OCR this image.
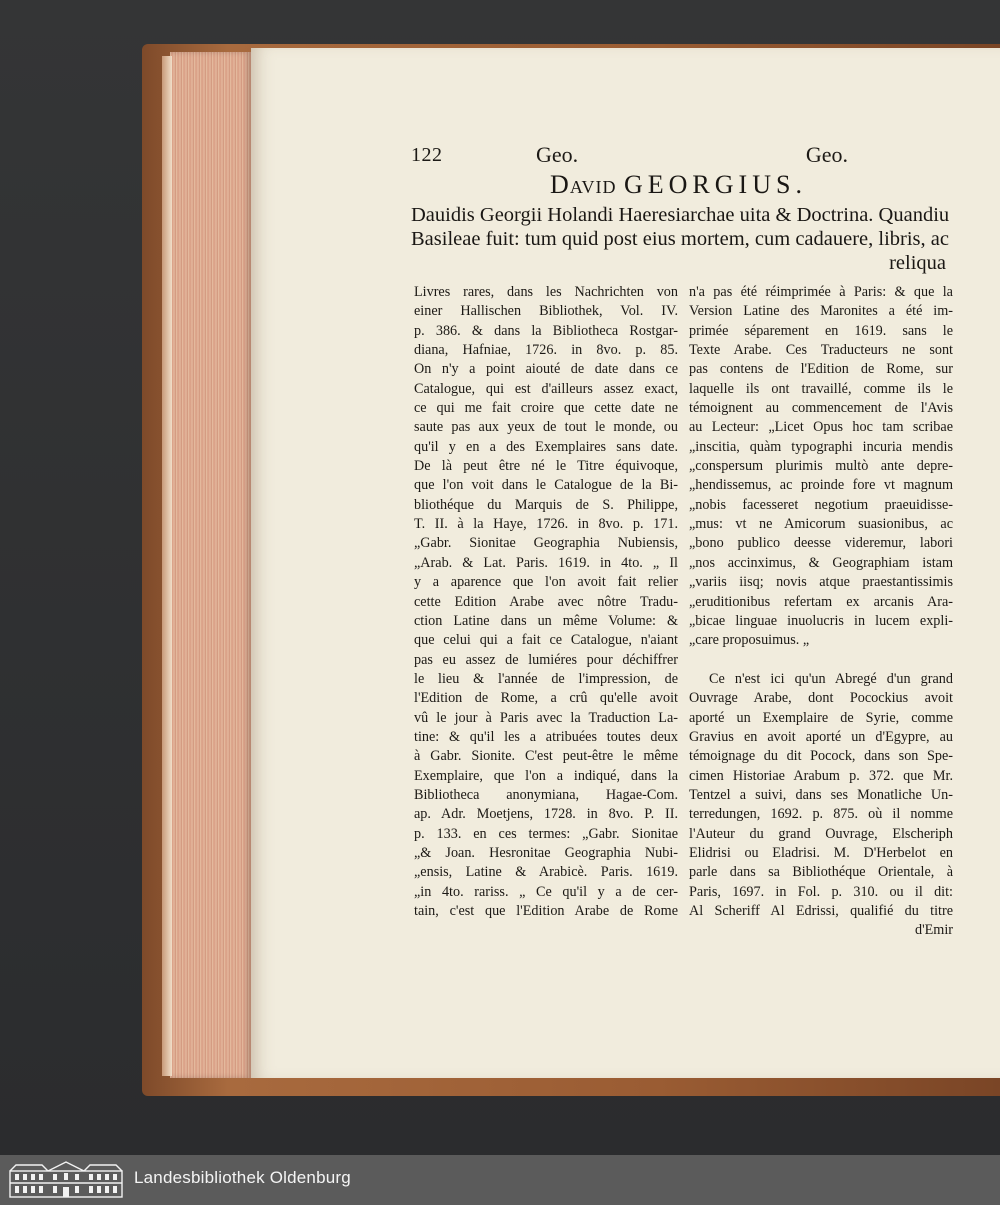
122	Geo.	Geo.
David GEORGIUS.
Dauidis Georgii Holandi Haeresiarchae uita & Doctrina. Quandiu
Basileae fuit: tum quid post eius mortem, cum cadauere, libris, ac
reliqua
Livres rares, dans les Nachrichten von
einer Hallischen Bibliothek, Vol. IV.
p. 386. & dans la Bibliotheca Rostgar-
diana, Hafniae, 1726. in 8vo. p. 85.
On n'y a point aiouté de date dans ce
Catalogue, qui est d'ailleurs assez exact,
ce qui me fait croire que cette date ne
saute pas aux yeux de tout le monde, ou
qu'il y en a des Exemplaires sans date.
De là peut être né le Titre équivoque,
que l'on voit dans le Catalogue de la Bi-
bliothéque du Marquis de S. Philippe,
T. II. à la Haye, 1726. in 8vo. p. 171.
„Gabr. Sionitae Geographia Nubiensis,
„Arab. & Lat. Paris. 1619. in 4to. „ Il
y a aparence que l'on avoit fait relier
cette Edition Arabe avec nôtre Tradu-
ction Latine dans un même Volume: &
que celui qui a fait ce Catalogue, n'aiant
pas eu assez de lumiéres pour déchiffrer
le lieu & l'année de l'impression, de
l'Edition de Rome, a crû qu'elle avoit
vû le jour à Paris avec la Traduction La-
tine: & qu'il les a atribuées toutes deux
à Gabr. Sionite. C'est peut-être le même
Exemplaire, que l'on a indiqué, dans la
Bibliotheca anonymiana, Hagae-Com.
ap. Adr. Moetjens, 1728. in 8vo. P. II.
p. 133. en ces termes: „Gabr. Sionitae
„& Joan. Hesronitae Geographia Nubi-
„ensis, Latine & Arabicè. Paris. 1619.
„in 4to. rariss. „ Ce qu'il y a de cer-
tain, c'est que l'Edition Arabe de Rome
n'a pas été réimprimée à Paris: & que la
Version Latine des Maronites a été im-
primée séparement en 1619. sans le
Texte Arabe. Ces Traducteurs ne sont
pas contens de l'Edition de Rome, sur
laquelle ils ont travaillé, comme ils le
témoignent au commencement de l'Avis
au Lecteur: „Licet Opus hoc tam scribae
„inscitia, quàm typographi incuria mendis
„conspersum plurimis multò ante depre-
„hendissemus, ac proinde fore vt magnum
„nobis facesseret negotium praeuidisse-
„mus: vt ne Amicorum suasionibus, ac
„bono publico deesse videremur, labori
„nos accinximus, & Geographiam istam
„variis iisq; novis atque praestantissimis
„eruditionibus refertam ex arcanis Ara-
„bicae linguae inuolucris in lucem expli-
„care proposuimus. „
Ce n'est ici qu'un Abregé d'un grand
Ouvrage Arabe, dont Pocockius avoit
aporté un Exemplaire de Syrie, comme
Gravius en avoit aporté un d'Egypre, au
témoignage du dit Pocock, dans son Spe-
cimen Historiae Arabum p. 372. que Mr.
Tentzel a suivi, dans ses Monatliche Un-
terredungen, 1692. p. 875. où il nomme
l'Auteur du grand Ouvrage, Elscheriph
Elidrisi ou Eladrisi. M. D'Herbelot en
parle dans sa Bibliothéque Orientale, à
Paris, 1697. in Fol. p. 310. ou il dit:
Al Scheriff Al Edrissi, qualifié du titre
d'Emir
Landesbibliothek Oldenburg
